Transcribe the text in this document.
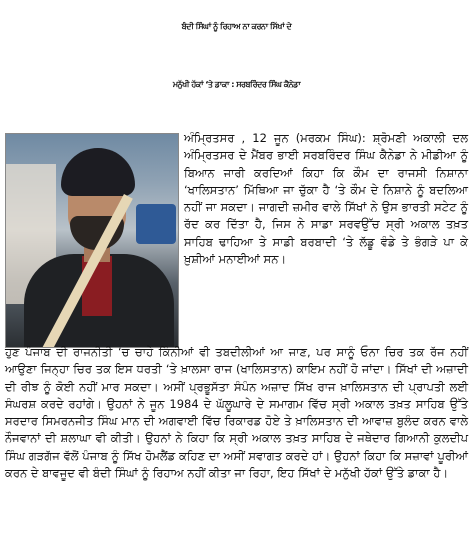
ਬੰਦੀ ਸਿੰਘਾਂ ਨੂੰ ਰਿਹਾਅ ਨਾ ਕਰਨਾ ਸਿੱਖਾਂ ਦੇ
ਮਨੁੱਖੀ ਹੱਕਾਂ ‘ਤੇ ਡਾਕਾ : ਸਰਬਰਿੰਦਰ ਸਿੰਘ ਕੈਨੇਡਾ

ਅੰਮ੍ਰਿਤਸਰ , 12 ਜੂਨ (ਮਰਕਮ ਸਿੰਘ): ਸ਼੍ਰੋਮਣੀ ਅਕਾਲੀ ਦਲ ਅੰਮ੍ਰਿਤਸਰ ਦੇ ਮੈਂਬਰ ਭਾਈ ਸਰਬਰਿੰਦਰ ਸਿੰਘ ਕੈਨੇਡਾ ਨੇ ਮੀਡੀਆ ਨੂੰ ਬਿਆਨ ਜਾਰੀ ਕਰਦਿਆਂ ਕਿਹਾ ਕਿ ਕੌਮ ਦਾ ਰਾਜਸੀ ਨਿਸ਼ਾਨਾ ‘ਖਾਲਿਸਤਾਨ’ ਮਿੱਥਿਆ ਜਾ ਚੁੱਕਾ ਹੈ ‘ਤੇ ਕੌਮ ਦੇ ਨਿਸ਼ਾਨੇ ਨੂੰ ਬਦਲਿਆ ਨਹੀਂ ਜਾ ਸਕਦਾ। ਜਾਗਦੀ ਜ਼ਮੀਰ ਵਾਲੇ ਸਿੱਖਾਂ ਨੇ ਉਸ ਭਾਰਤੀ ਸਟੇਟ ਨੂੰ ਰੱਦ ਕਰ ਦਿੱਤਾ ਹੈ, ਜਿਸ ਨੇ ਸਾਡਾ ਸਰਵਉੱਚ ਸ੍ਰੀ ਅਕਾਲ ਤਖ਼ਤ ਸਾਹਿਬ ਢਾਹਿਆ ਤੇ ਸਾਡੀ ਬਰਬਾਦੀ ‘ਤੇ ਲੱਡੂ ਵੰਡੇ ਤੇ ਭੰਗੜੇ ਪਾ ਕੇ ਖ਼ੁਸ਼ੀਆਂ ਮਨਾਈਆਂ ਸਨ।

ਹੁਣ ਪੰਜਾਬ ਦੀ ਰਾਜਨੀਤੀ ‘ਚ ਚਾਹੇ ਕਿੰਨੀਆਂ ਵੀ ਤਬਦੀਲੀਆਂ ਆ ਜਾਣ, ਪਰ ਸਾਨੂੰ ਓਨਾ ਚਿਰ ਤਕ ਰੱਜ ਨਹੀਂ ਆਉਣਾ ਜਿਨ੍ਹਾ ਚਿਰ ਤਕ ਇਸ ਧਰਤੀ ‘ਤੇ ਖ਼ਾਲਸਾ ਰਾਜ (ਖਾਲਿਸਤਾਨ) ਕਾਇਮ ਨਹੀਂ ਹੋ ਜਾਂਦਾ। ਸਿੱਖਾਂ ਦੀ ਅਜ਼ਾਦੀ ਦੀ ਰੀਝ ਨੂੰ ਕੋਈ ਨਹੀਂ ਮਾਰ ਸਕਦਾ। ਅਸੀਂ ਪ੍ਰਭੂਸੱਤਾ ਸੰਪੰਨ ਅਜ਼ਾਦ ਸਿੱਖ ਰਾਜ ਖ਼ਾਲਿਸਤਾਨ ਦੀ ਪ੍ਰਾਪਤੀ ਲਈ ਸੰਘਰਸ਼ ਕਰਦੇ ਰਹਾਂਗੇ। ਉਹਨਾਂ ਨੇ ਜੂਨ 1984 ਦੇ ਘੱਲੂਘਾਰੇ ਦੇ ਸਮਾਗਮ ਵਿੱਚ ਸ੍ਰੀ ਅਕਾਲ ਤਖ਼ਤ ਸਾਹਿਬ ਉੱਤੇ ਸਰਦਾਰ ਸਿਮਰਨਜੀਤ ਸਿੰਘ ਮਾਨ ਦੀ ਅਗਵਾਈ ਵਿੱਚ ਰਿਕਾਰਡ ਹੋਏ ਤੇ ਖ਼ਾਲਿਸਤਾਨ ਦੀ ਆਵਾਜ਼ ਬੁਲੰਦ ਕਰਨ ਵਾਲੇ ਨੌਜਵਾਨਾਂ ਦੀ ਸ਼ਲਾਘਾ ਵੀ ਕੀਤੀ। ਉਹਨਾਂ ਨੇ ਕਿਹਾ ਕਿ ਸ੍ਰੀ ਅਕਾਲ ਤਖ਼ਤ ਸਾਹਿਬ ਦੇ ਜਥੇਦਾਰ ਗਿਆਨੀ ਕੁਲਦੀਪ ਸਿੰਘ ਗੜਗੱਜ ਵੱਲੋਂ ਪੰਜਾਬ ਨੂੰ ਸਿੱਖ ਹੋਮਲੈਂਡ ਕਹਿਣ ਦਾ ਅਸੀਂ ਸਵਾਗਤ ਕਰਦੇ ਹਾਂ। ਉਹਨਾਂ ਕਿਹਾ ਕਿ ਸਜ਼ਾਵਾਂ ਪੂਰੀਆਂ ਕਰਨ ਦੇ ਬਾਵਜੂਦ ਵੀ ਬੰਦੀ ਸਿੰਘਾਂ ਨੂੰ ਰਿਹਾਅ ਨਹੀਂ ਕੀਤਾ ਜਾ ਰਿਹਾ, ਇਹ ਸਿੱਖਾਂ ਦੇ ਮਨੁੱਖੀ ਹੱਕਾਂ ਉੱਤੇ ਡਾਕਾ ਹੈ।
